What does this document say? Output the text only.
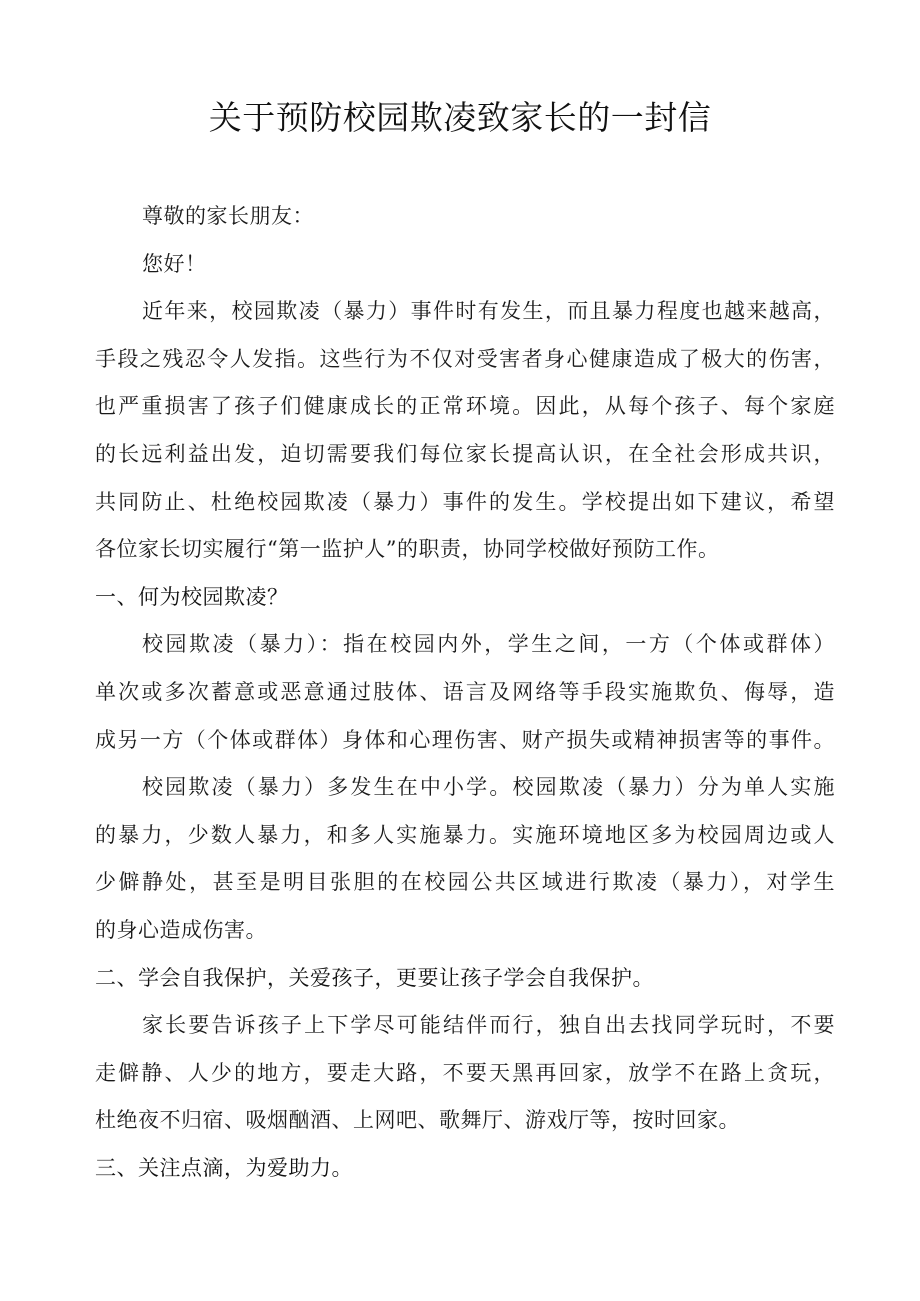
关于预防校园欺凌致家长的一封信
尊敬的家长朋友：
您好！
近年来，校园欺凌（暴力）事件时有发生，而且暴力程度也越来越高，
手段之残忍令人发指。这些行为不仅对受害者身心健康造成了极大的伤害，
也严重损害了孩子们健康成长的正常环境。因此，从每个孩子、每个家庭
的长远利益出发，迫切需要我们每位家长提高认识，在全社会形成共识，
共同防止、杜绝校园欺凌（暴力）事件的发生。学校提出如下建议，希望
各位家长切实履行“第一监护人”的职责，协同学校做好预防工作。
一、何为校园欺凌？
校园欺凌（暴力）：指在校园内外，学生之间，一方（个体或群体）
单次或多次蓄意或恶意通过肢体、语言及网络等手段实施欺负、侮辱，造
成另一方（个体或群体）身体和心理伤害、财产损失或精神损害等的事件。
校园欺凌（暴力）多发生在中小学。校园欺凌（暴力）分为单人实施
的暴力，少数人暴力，和多人实施暴力。实施环境地区多为校园周边或人
少僻静处，甚至是明目张胆的在校园公共区域进行欺凌（暴力），对学生
的身心造成伤害。
二、学会自我保护，关爱孩子，更要让孩子学会自我保护。
家长要告诉孩子上下学尽可能结伴而行，独自出去找同学玩时，不要
走僻静、人少的地方，要走大路，不要天黑再回家，放学不在路上贪玩，
杜绝夜不归宿、吸烟酗酒、上网吧、歌舞厅、游戏厅等，按时回家。
三、关注点滴，为爱助力。
